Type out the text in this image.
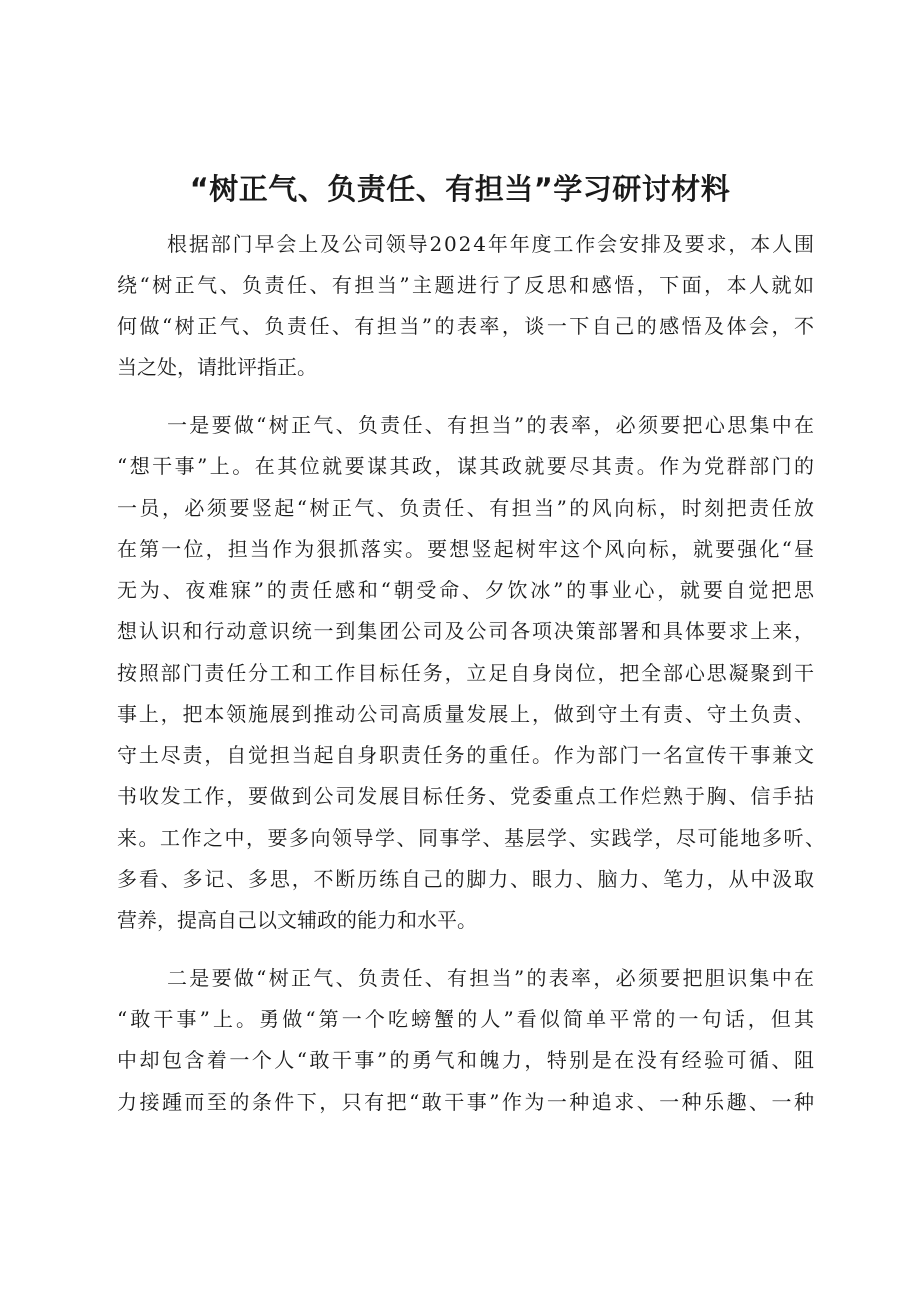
“树正气、负责任、有担当”学习研讨材料

根据部门早会上及公司领导2024年年度工作会安排及要求，本人围

绕“树正气、负责任、有担当”主题进行了反思和感悟，下面，本人就如

何做“树正气、负责任、有担当”的表率，谈一下自己的感悟及体会，不

当之处，请批评指正。

一是要做“树正气、负责任、有担当”的表率，必须要把心思集中在

“想干事”上。在其位就要谋其政，谋其政就要尽其责。作为党群部门的

一员，必须要竖起“树正气、负责任、有担当”的风向标，时刻把责任放

在第一位，担当作为狠抓落实。要想竖起树牢这个风向标，就要强化“昼

无为、夜难寐”的责任感和“朝受命、夕饮冰”的事业心，就要自觉把思

想认识和行动意识统一到集团公司及公司各项决策部署和具体要求上来，

按照部门责任分工和工作目标任务，立足自身岗位，把全部心思凝聚到干

事上，把本领施展到推动公司高质量发展上，做到守土有责、守土负责、

守土尽责，自觉担当起自身职责任务的重任。作为部门一名宣传干事兼文

书收发工作，要做到公司发展目标任务、党委重点工作烂熟于胸、信手拈

来。工作之中，要多向领导学、同事学、基层学、实践学，尽可能地多听、

多看、多记、多思，不断历练自己的脚力、眼力、脑力、笔力，从中汲取

营养，提高自己以文辅政的能力和水平。

二是要做“树正气、负责任、有担当”的表率，必须要把胆识集中在

“敢干事”上。勇做“第一个吃螃蟹的人”看似简单平常的一句话，但其

中却包含着一个人“敢干事”的勇气和魄力，特别是在没有经验可循、阻

力接踵而至的条件下，只有把“敢干事”作为一种追求、一种乐趣、一种
